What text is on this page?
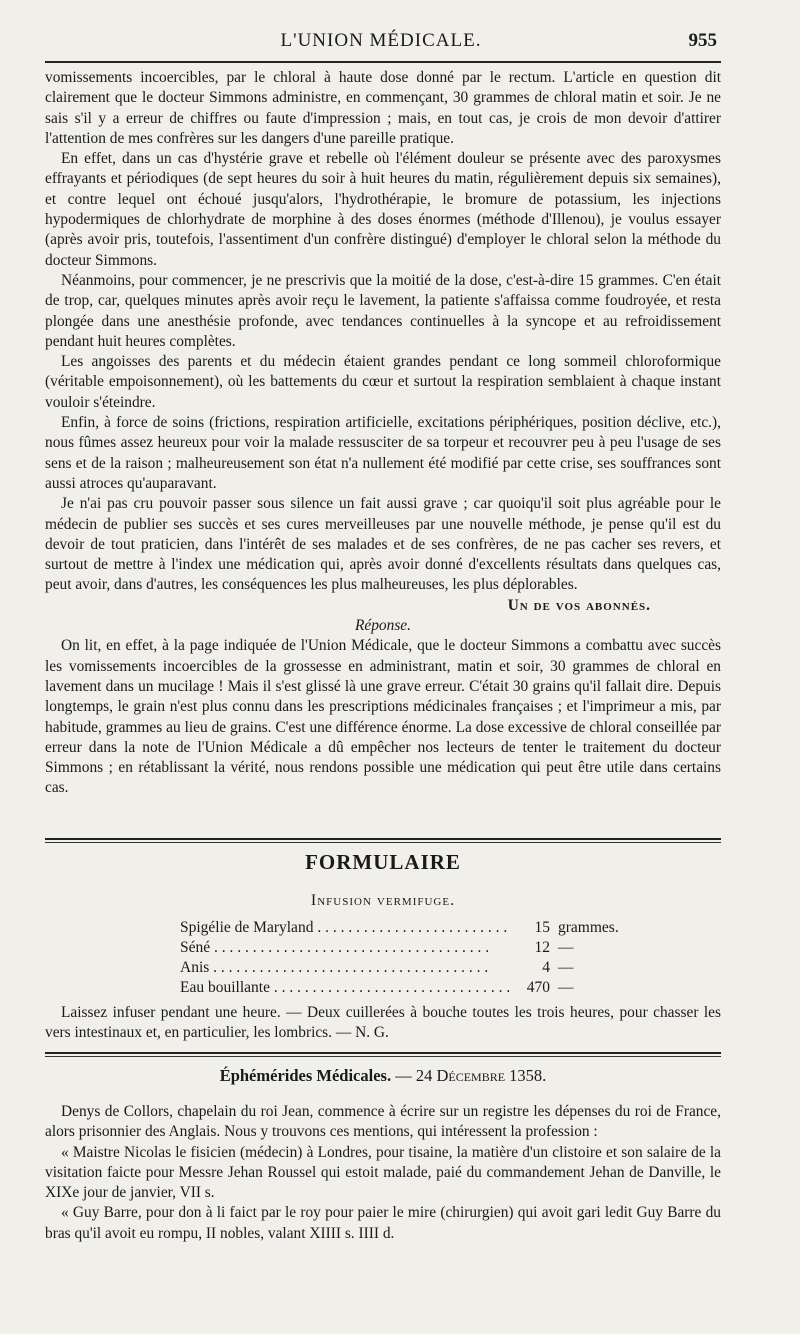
L'UNION MÉDICALE.	955

vomissements incoercibles, par le chloral à haute dose donné par le rectum. L'article en question dit clairement que le docteur Simmons administre, en commençant, 30 grammes de chloral matin et soir. Je ne sais s'il y a erreur de chiffres ou faute d'impression ; mais, en tout cas, je crois de mon devoir d'attirer l'attention de mes confrères sur les dangers d'une pareille pratique.

En effet, dans un cas d'hystérie grave et rebelle où l'élément douleur se présente avec des paroxysmes effrayants et périodiques (de sept heures du soir à huit heures du matin, régulièrement depuis six semaines), et contre lequel ont échoué jusqu'alors, l'hydrothérapie, le bromure de potassium, les injections hypodermiques de chlorhydrate de morphine à des doses énormes (méthode d'Illenou), je voulus essayer (après avoir pris, toutefois, l'assentiment d'un confrère distingué) d'employer le chloral selon la méthode du docteur Simmons.

Néanmoins, pour commencer, je ne prescrivis que la moitié de la dose, c'est-à-dire 15 grammes. C'en était de trop, car, quelques minutes après avoir reçu le lavement, la patiente s'affaissa comme foudroyée, et resta plongée dans une anesthésie profonde, avec tendances continuelles à la syncope et au refroidissement pendant huit heures complètes.

Les angoisses des parents et du médecin étaient grandes pendant ce long sommeil chloroformique (véritable empoisonnement), où les battements du cœur et surtout la respiration semblaient à chaque instant vouloir s'éteindre.

Enfin, à force de soins (frictions, respiration artificielle, excitations périphériques, position déclive, etc.), nous fûmes assez heureux pour voir la malade ressusciter de sa torpeur et recouvrer peu à peu l'usage de ses sens et de la raison ; malheureusement son état n'a nullement été modifié par cette crise, ses souffrances sont aussi atroces qu'auparavant.

Je n'ai pas cru pouvoir passer sous silence un fait aussi grave ; car quoiqu'il soit plus agréable pour le médecin de publier ses succès et ses cures merveilleuses par une nouvelle méthode, je pense qu'il est du devoir de tout praticien, dans l'intérêt de ses malades et de ses confrères, de ne pas cacher ses revers, et surtout de mettre à l'index une médication qui, après avoir donné d'excellents résultats dans quelques cas, peut avoir, dans d'autres, les conséquences les plus malheureuses, les plus déplorables.

Un de vos abonnés.
Réponse.

On lit, en effet, à la page indiquée de l'Union Médicale, que le docteur Simmons a combattu avec succès les vomissements incoercibles de la grossesse en administrant, matin et soir, 30 grammes de chloral en lavement dans un mucilage ! Mais il s'est glissé là une grave erreur. C'était 30 grains qu'il fallait dire. Depuis longtemps, le grain n'est plus connu dans les prescriptions médicinales françaises ; et l'imprimeur a mis, par habitude, grammes au lieu de grains. C'est une différence énorme. La dose excessive de chloral conseillée par erreur dans la note de l'Union Médicale a dû empêcher nos lecteurs de tenter le traitement du docteur Simmons ; en rétablissant la vérité, nous rendons possible une médication qui peut être utile dans certains cas.

FORMULAIRE
Infusion vermifuge.
Spigélie de Maryland . . .	15 grammes.
Séné . . .	12 —
Anis . . .	4 —
Eau bouillante . . .	470 —

Laissez infuser pendant une heure. — Deux cuillerées à bouche toutes les trois heures, pour chasser les vers intestinaux et, en particulier, les lombrics. — N. G.

Éphémérides Médicales. — 24 Décembre 1358.

Denys de Collors, chapelain du roi Jean, commence à écrire sur un registre les dépenses du roi de France, alors prisonnier des Anglais. Nous y trouvons ces mentions, qui intéressent la profession :

« Maistre Nicolas le fisicien (médecin) à Londres, pour tisaine, la matière d'un clistoire et son salaire de la visitation faicte pour Messre Jehan Roussel qui estoit malade, paié du commandement Jehan de Danville, le XIXe jour de janvier, VII s.

« Guy Barre, pour don à li faict par le roy pour paier le mire (chirurgien) qui avoit gari ledit Guy Barre du bras qu'il avoit eu rompu, II nobles, valant XIIII s. IIII d.
